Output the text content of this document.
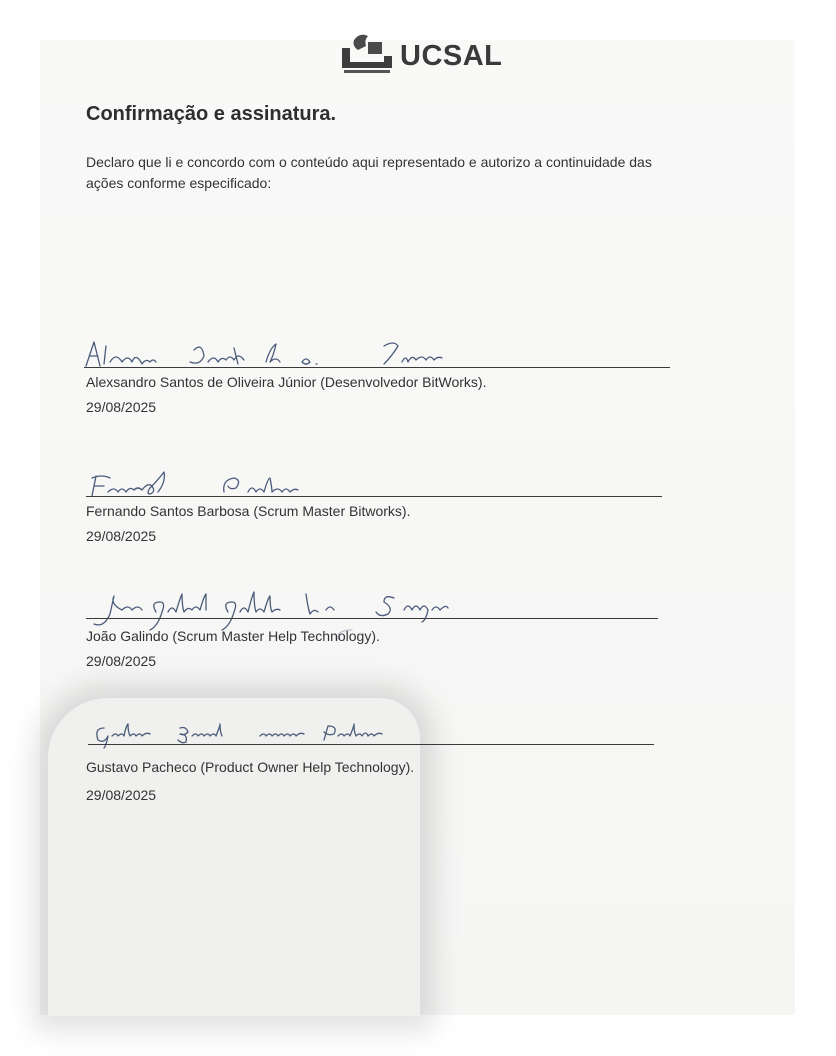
UCSAL
Confirmação e assinatura.

Declaro que li e concordo com o conteúdo aqui representado e autorizo a continuidade das ações conforme especificado:

Alexsandro Santos de Oliveira Júnior (Desenvolvedor BitWorks).
29/08/2025
Fernando Santos Barbosa (Scrum Master Bitworks).
29/08/2025
João Galindo (Scrum Master Help Technology).
29/08/2025
Gustavo Pacheco (Product Owner Help Technology).
29/08/2025
